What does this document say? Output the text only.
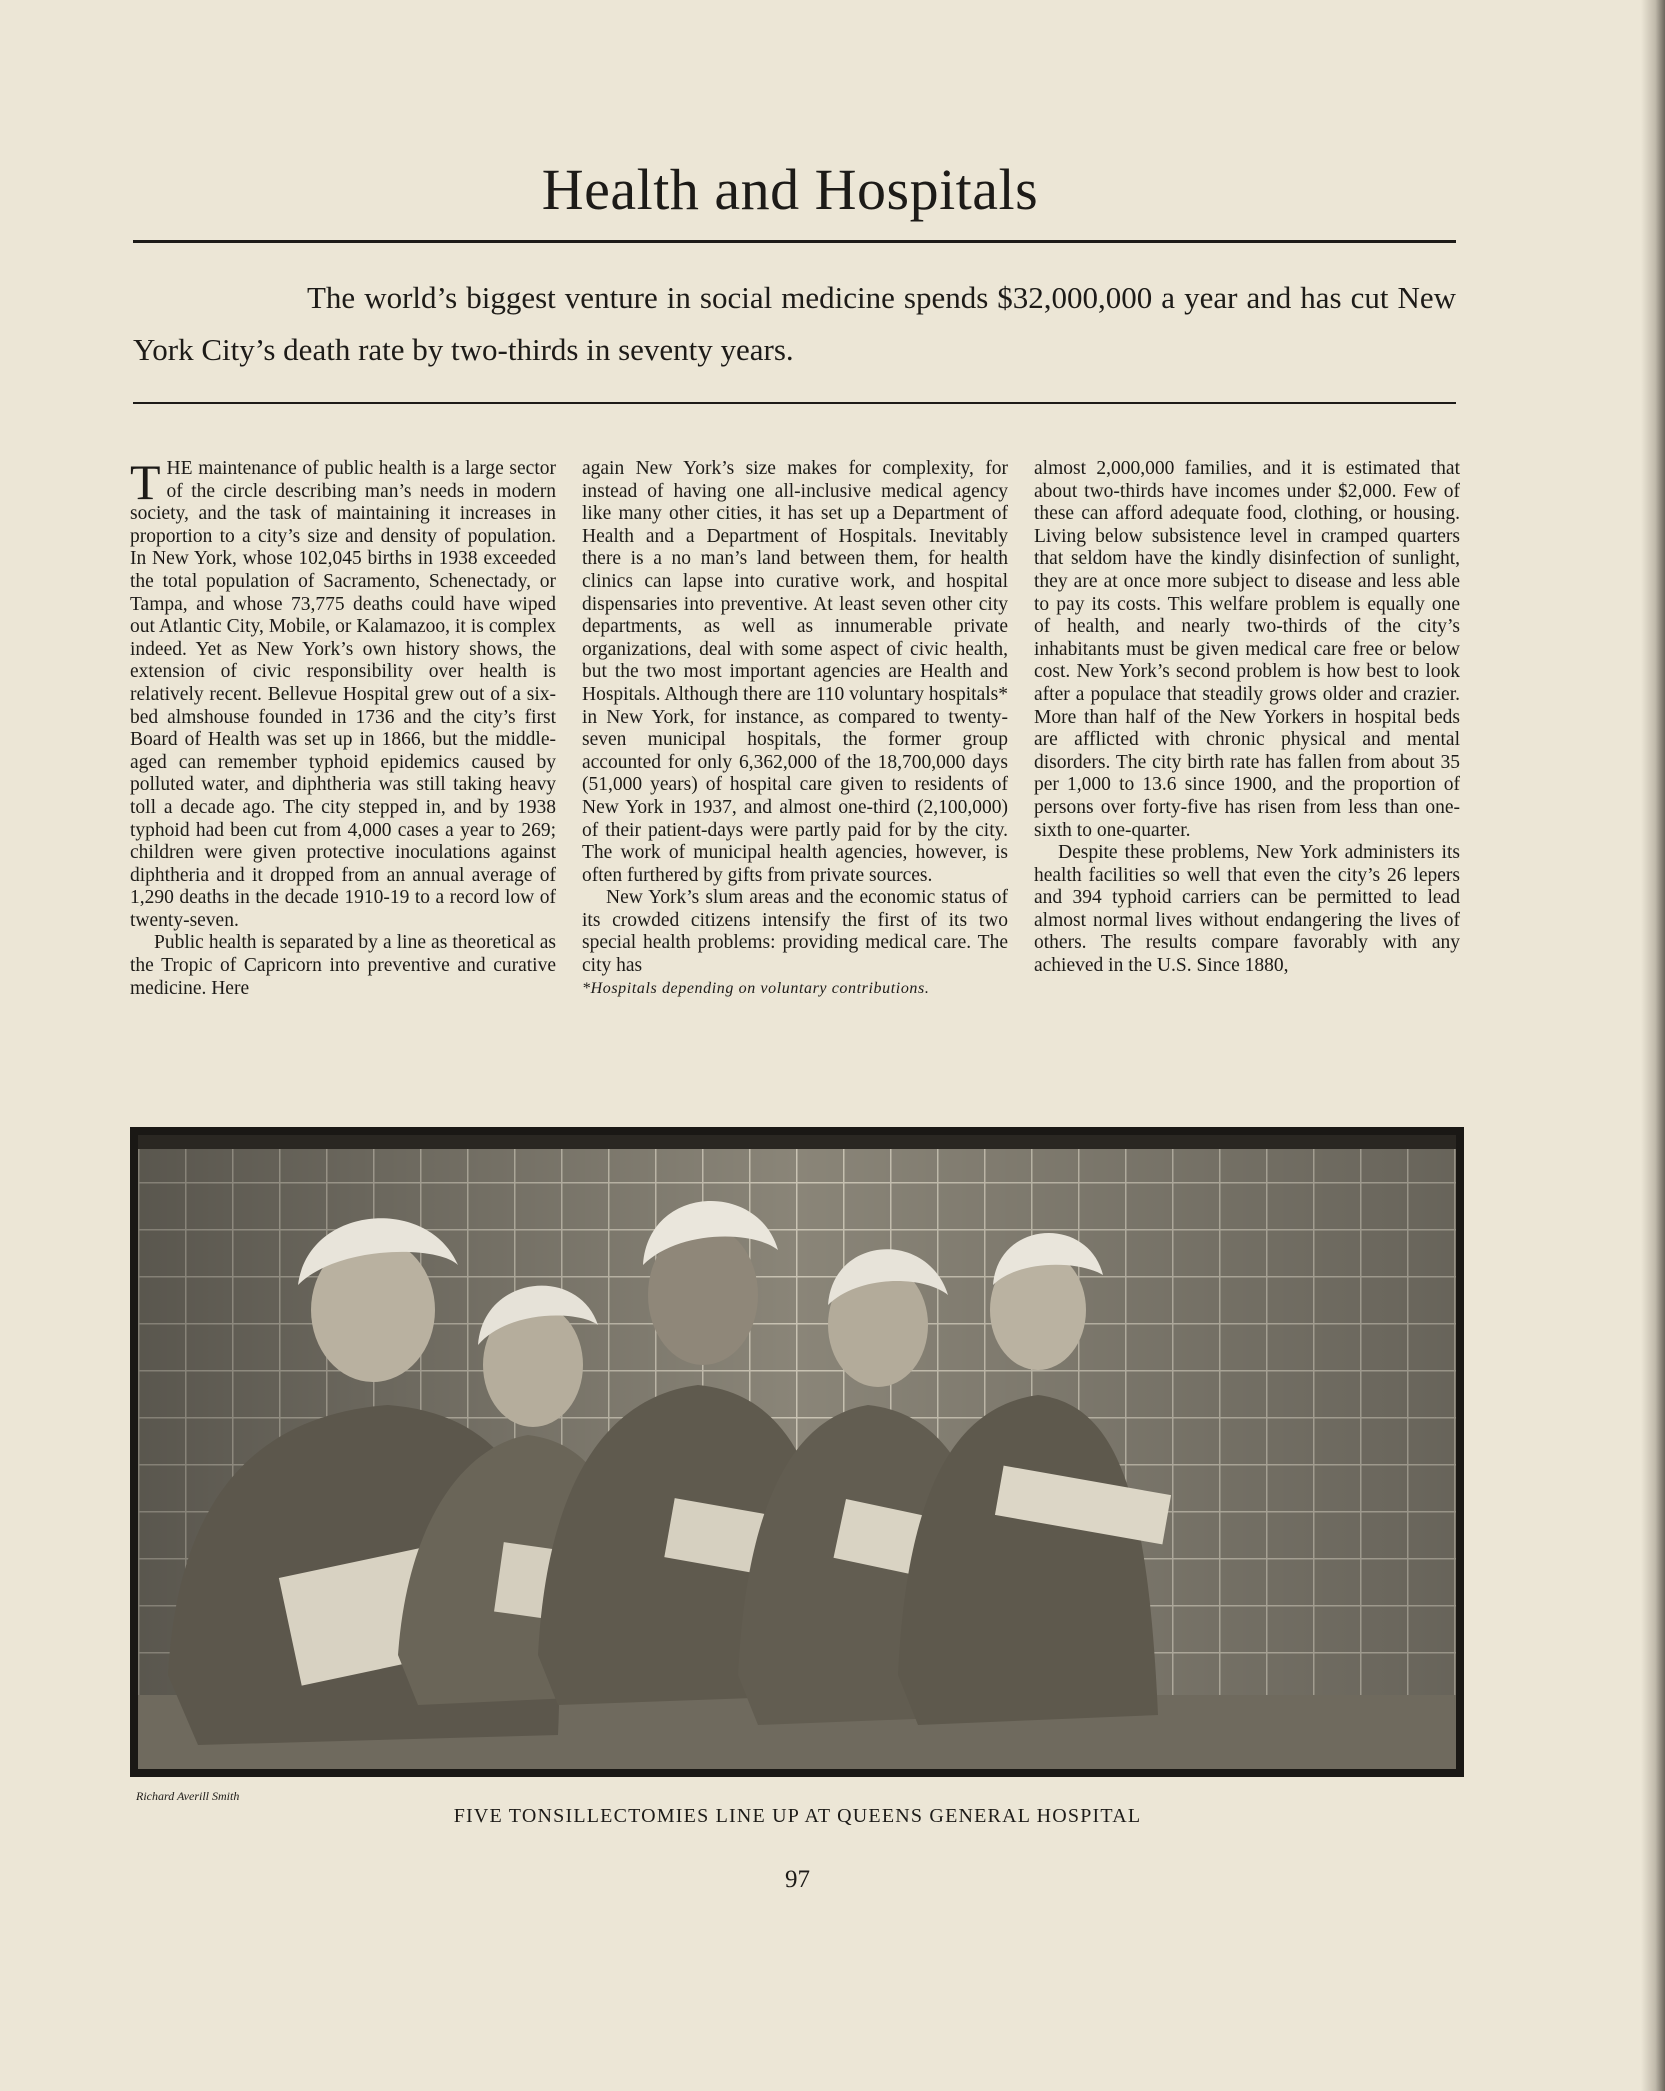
Health and Hospitals

The world’s biggest venture in social medicine spends $32,000,000 a year and has cut New York City’s death rate by two-thirds in seventy years.

THE maintenance of public health is a large sector of the circle describing man’s needs in modern society, and the task of maintaining it increases in proportion to a city’s size and density of population. In New York, whose 102,045 births in 1938 exceeded the total population of Sacramento, Schenectady, or Tampa, and whose 73,775 deaths could have wiped out Atlantic City, Mobile, or Kalamazoo, it is complex indeed. Yet as New York’s own history shows, the extension of civic responsibility over health is relatively recent. Bellevue Hospital grew out of a six-bed almshouse founded in 1736 and the city’s first Board of Health was set up in 1866, but the middle-aged can remember typhoid epidemics caused by polluted water, and diphtheria was still taking heavy toll a decade ago. The city stepped in, and by 1938 typhoid had been cut from 4,000 cases a year to 269; children were given protective inoculations against diphtheria and it dropped from an annual average of 1,290 deaths in the decade 1910-19 to a record low of twenty-seven.

Public health is separated by a line as theoretical as the Tropic of Capricorn into preventive and curative medicine. Here

again New York’s size makes for complexity, for instead of having one all-inclusive medical agency like many other cities, it has set up a Department of Health and a Department of Hospitals. Inevitably there is a no man’s land between them, for health clinics can lapse into curative work, and hospital dispensaries into preventive. At least seven other city departments, as well as innumerable private organizations, deal with some aspect of civic health, but the two most important agencies are Health and Hospitals. Although there are 110 voluntary hospitals* in New York, for instance, as compared to twenty-seven municipal hospitals, the former group accounted for only 6,362,000 of the 18,700,000 days (51,000 years) of hospital care given to residents of New York in 1937, and almost one-third (2,100,000) of their patient-days were partly paid for by the city. The work of municipal health agencies, however, is often furthered by gifts from private sources.

New York’s slum areas and the economic status of its crowded citizens intensify the first of its two special health problems: providing medical care. The city has

*Hospitals depending on voluntary contributions.

almost 2,000,000 families, and it is estimated that about two-thirds have incomes under $2,000. Few of these can afford adequate food, clothing, or housing. Living below subsistence level in cramped quarters that seldom have the kindly disinfection of sunlight, they are at once more subject to disease and less able to pay its costs. This welfare problem is equally one of health, and nearly two-thirds of the city’s inhabitants must be given medical care free or below cost. New York’s second problem is how best to look after a populace that steadily grows older and crazier. More than half of the New Yorkers in hospital beds are afflicted with chronic physical and mental disorders. The city birth rate has fallen from about 35 per 1,000 to 13.6 since 1900, and the proportion of persons over forty-five has risen from less than one-sixth to one-quarter.

Despite these problems, New York administers its health facilities so well that even the city’s 26 lepers and 394 typhoid carriers can be permitted to lead almost normal lives without endangering the lives of others. The results compare favorably with any achieved in the U.S. Since 1880,

Richard Averill Smith
FIVE TONSILLECTOMIES LINE UP AT QUEENS GENERAL HOSPITAL
97
